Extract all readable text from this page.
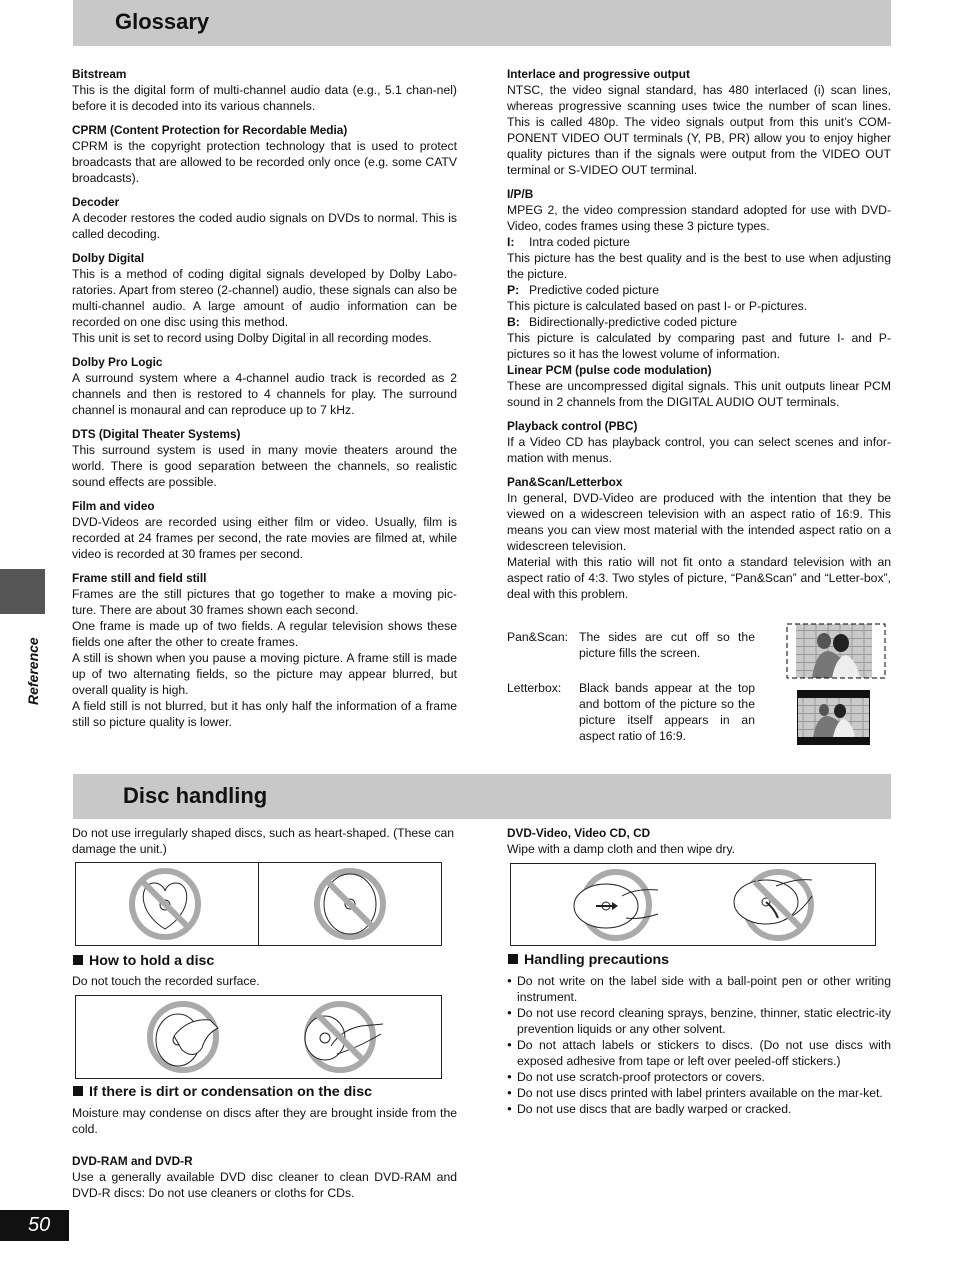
Glossary

Bitstream

This is the digital form of multi-channel audio data (e.g., 5.1 chan-nel) before it is decoded into its various channels.

CPRM (Content Protection for Recordable Media)

CPRM is the copyright protection technology that is used to protect broadcasts that are allowed to be recorded only once (e.g. some CATV broadcasts).

Decoder

A decoder restores the coded audio signals on DVDs to normal. This is called decoding.

Dolby Digital

This is a method of coding digital signals developed by Dolby Labo-ratories. Apart from stereo (2-channel) audio, these signals can also be multi-channel audio. A large amount of audio information can be recorded on one disc using this method.

This unit is set to record using Dolby Digital in all recording modes.

Dolby Pro Logic

A surround system where a 4-channel audio track is recorded as 2 channels and then is restored to 4 channels for play. The surround channel is monaural and can reproduce up to 7 kHz.

DTS (Digital Theater Systems)

This surround system is used in many movie theaters around the world. There is good separation between the channels, so realistic sound effects are possible.

Film and video

DVD-Videos are recorded using either film or video. Usually, film is recorded at 24 frames per second, the rate movies are filmed at, while video is recorded at 30 frames per second.

Frame still and field still

Frames are the still pictures that go together to make a moving pic-ture. There are about 30 frames shown each second.

One frame is made up of two fields. A regular television shows these fields one after the other to create frames.

A still is shown when you pause a moving picture. A frame still is made up of two alternating fields, so the picture may appear blurred, but overall quality is high.

A field still is not blurred, but it has only half the information of a frame still so picture quality is lower.

Interlace and progressive output

NTSC, the video signal standard, has 480 interlaced (i) scan lines, whereas progressive scanning uses twice the number of scan lines. This is called 480p. The video signals output from this unit’s COM-PONENT VIDEO OUT terminals (Y, PB, PR) allow you to enjoy higher quality pictures than if the signals were output from the VIDEO OUT terminal or S-VIDEO OUT terminal.

I/P/B

MPEG 2, the video compression standard adopted for use with DVD-Video, codes frames using these 3 picture types.

I:	Intra coded picture

This picture has the best quality and is the best to use when adjusting the picture.

P: Predictive coded picture

This picture is calculated based on past I- or P-pictures.

B: Bidirectionally-predictive coded picture

This picture is calculated by comparing past and future I- and P-pictures so it has the lowest volume of information.

Linear PCM (pulse code modulation)

These are uncompressed digital signals. This unit outputs linear PCM sound in 2 channels from the DIGITAL AUDIO OUT terminals.

Playback control (PBC)

If a Video CD has playback control, you can select scenes and infor-mation with menus.

Pan&Scan/Letterbox

In general, DVD-Video are produced with the intention that they be viewed on a widescreen television with an aspect ratio of 16:9. This means you can view most material with the intended aspect ratio on a widescreen television.

Material with this ratio will not fit onto a standard television with an aspect ratio of 4:3. Two styles of picture, “Pan&Scan” and “Letter-box”, deal with this problem.

Pan&Scan: The sides are cut off so the picture fills the screen.

Letterbox:	Black bands appear at the top and bottom of the picture so the picture itself appears in an aspect ratio of 16:9.

Disc handling

Do not use irregularly shaped discs, such as heart-shaped. (These can damage the unit.)

How to hold a disc

Do not touch the recorded surface.

If there is dirt or condensation on the disc

Moisture may condense on discs after they are brought inside from the cold.

DVD-RAM and DVD-R

Use a generally available DVD disc cleaner to clean DVD-RAM and DVD-R discs: Do not use cleaners or cloths for CDs.

DVD-Video, Video CD, CD

Wipe with a damp cloth and then wipe dry.

Handling precautions
● Do not write on the label side with a ball-point pen or other writing instrument.
● Do not use record cleaning sprays, benzine, thinner, static electric-ity prevention liquids or any other solvent.
● Do not attach labels or stickers to discs. (Do not use discs with exposed adhesive from tape or left over peeled-off stickers.)
● Do not use scratch-proof protectors or covers.
● Do not use discs printed with label printers available on the mar-ket.
● Do not use discs that are badly warped or cracked.
Reference
50
